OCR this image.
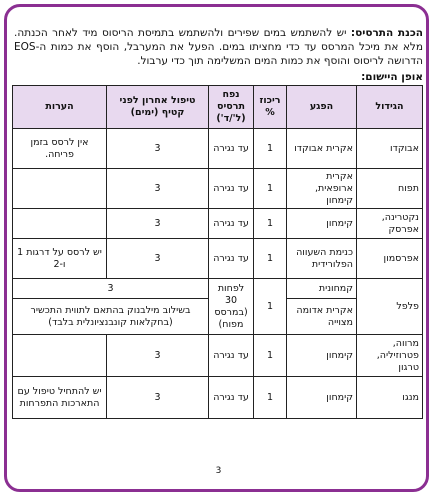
הכנת התרסיס: יש להשתמש במים שפירים ולהשתמש בתמיסת הריסוס מיד לאחר הכנתה. מלא את מיכל המרסס עד כדי מחציתו במים. הפעל את המערבל, הוסף את כמות ה-EOS הדרושה לריסוס והוסף את כמות המים המשלימה תוך כדי ערבול.

אופן היישום:
הגידול	הפגע	ריכוז %	נפח תרסיס (ל'/ד')	טיפול אחרון לפני קטיף (ימים)	הערות
אבוקדו	אקרית אבוקדו	1	עד נגירה	3	אין לרסס בזמן פריחה.
תפוח	אקרית ארופאית, קימחון	1	עד נגירה	3	
נקטרינה, אפרסק	קימחון	1	עד נגירה	3	
אפרסמון	כנימת השעווה הפלורידית	1	עד נגירה	3	יש לרסס על דרגות 1 ו-2
פלפל	קמחונית	1	לפחות 30 (במרסס מפוח)	3	
	אקרית אדומה מצוייה			בשילוב מילבנוק בהתאם לתווית התכשיר (בחקלאות קונבנציונלית בלבד)	
מרווה, פטרוזיליה, טרגון	קימחון	1	עד נגירה	3	
מנגו	קימחון	1	עד נגירה	3	יש להתחיל טיפול עם התארכות התפרחות
3
